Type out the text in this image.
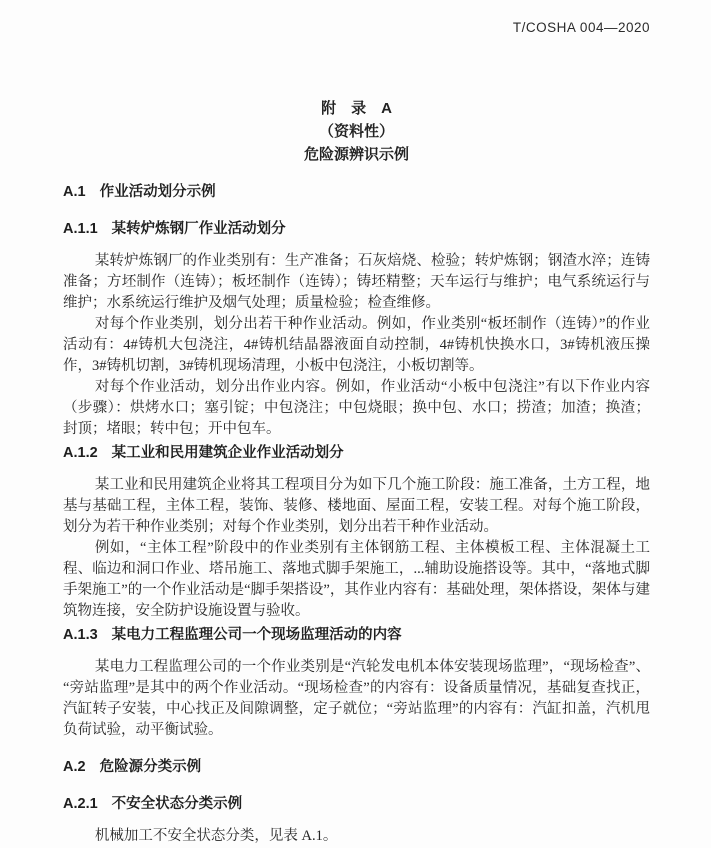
T/COSHA 004—2020
附　录　A
（资料性）
危险源辨识示例
A.1 作业活动划分示例
A.1.1 某转炉炼钢厂作业活动划分

某转炉炼钢厂的作业类别有：生产准备；石灰焙烧、检验；转炉炼钢；钢渣水淬；连铸准备；方坯制作（连铸）；板坯制作（连铸）；铸坯精整；天车运行与维护；电气系统运行与维护；水系统运行维护及烟气处理；质量检验；检查维修。

对每个作业类别，划分出若干种作业活动。例如，作业类别“板坯制作（连铸）”的作业活动有：4#铸机大包浇注，4#铸机结晶器液面自动控制，4#铸机快换水口，3#铸机液压操作，3#铸机切割，3#铸机现场清理，小板中包浇注，小板切割等。

对每个作业活动，划分出作业内容。例如，作业活动“小板中包浇注”有以下作业内容（步骤）：烘烤水口；塞引锭；中包浇注；中包烧眼；换中包、水口；捞渣；加渣；换渣；封顶；堵眼；转中包；开中包车。

A.1.2 某工业和民用建筑企业作业活动划分

某工业和民用建筑企业将其工程项目分为如下几个施工阶段：施工准备，土方工程，地基与基础工程，主体工程，装饰、装修、楼地面、屋面工程，安装工程。对每个施工阶段，划分为若干种作业类别；对每个作业类别，划分出若干种作业活动。

例如，“主体工程”阶段中的作业类别有主体钢筋工程、主体模板工程、主体混凝土工程、临边和洞口作业、塔吊施工、落地式脚手架施工，...辅助设施搭设等。其中，“落地式脚手架施工”的一个作业活动是“脚手架搭设”，其作业内容有：基础处理，架体搭设，架体与建筑物连接，安全防护设施设置与验收。

A.1.3 某电力工程监理公司一个现场监理活动的内容

某电力工程监理公司的一个作业类别是“汽轮发电机本体安装现场监理”，“现场检查”、“旁站监理”是其中的两个作业活动。“现场检查”的内容有：设备质量情况，基础复查找正，汽缸转子安装，中心找正及间隙调整，定子就位；“旁站监理”的内容有：汽缸扣盖，汽机甩负荷试验，动平衡试验。

A.2 危险源分类示例
A.2.1 不安全状态分类示例

机械加工不安全状态分类，见表 A.1。
